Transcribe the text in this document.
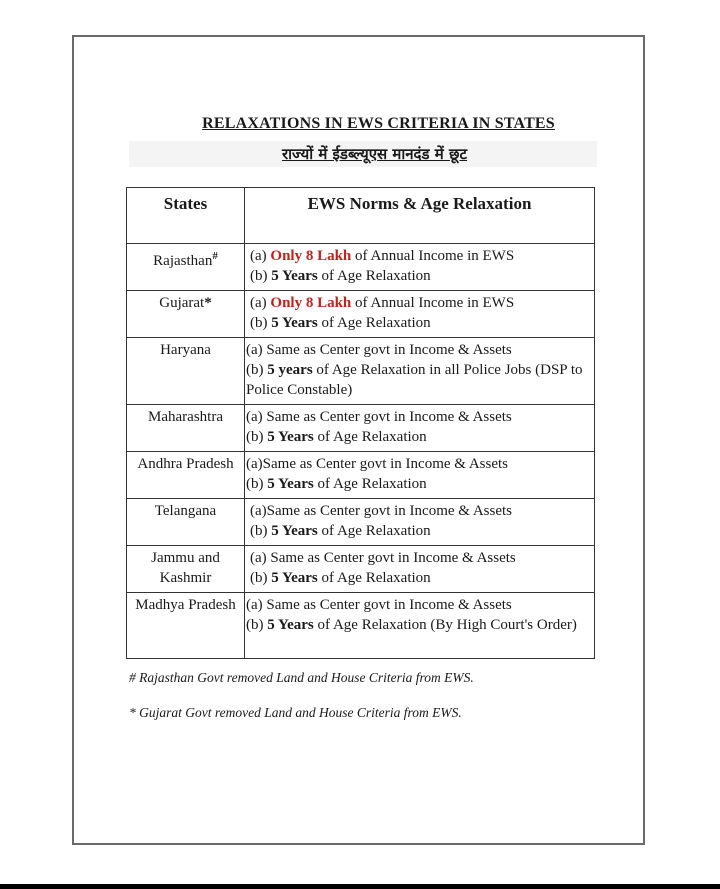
RELAXATIONS IN EWS CRITERIA IN STATES
राज्यों में ईडब्ल्यूएस मानदंड में छूट
States	EWS Norms & Age Relaxation
Rajasthan#	(a) Only 8 Lakh of Annual Income in EWS
(b) 5 Years of Age Relaxation

Gujarat*	(a) Only 8 Lakh of Annual Income in EWS
(b) 5 Years of Age Relaxation

Haryana	(a) Same as Center govt in Income & Assets
(b) 5 years of Age Relaxation in all Police Jobs (DSP to Police Constable)

Maharashtra	(a) Same as Center govt in Income & Assets
(b) 5 Years of Age Relaxation

Andhra Pradesh	(a)Same as Center govt in Income & Assets
(b) 5 Years of Age Relaxation

Telangana	(a)Same as Center govt in Income & Assets
(b) 5 Years of Age Relaxation

Jammu and Kashmir	(a) Same as Center govt in Income & Assets
(b) 5 Years of Age Relaxation

Madhya Pradesh	(a) Same as Center govt in Income & Assets
(b) 5 Years of Age Relaxation (By High Court's Order)
# Rajasthan Govt removed Land and House Criteria from EWS.
* Gujarat Govt removed Land and House Criteria from EWS.
